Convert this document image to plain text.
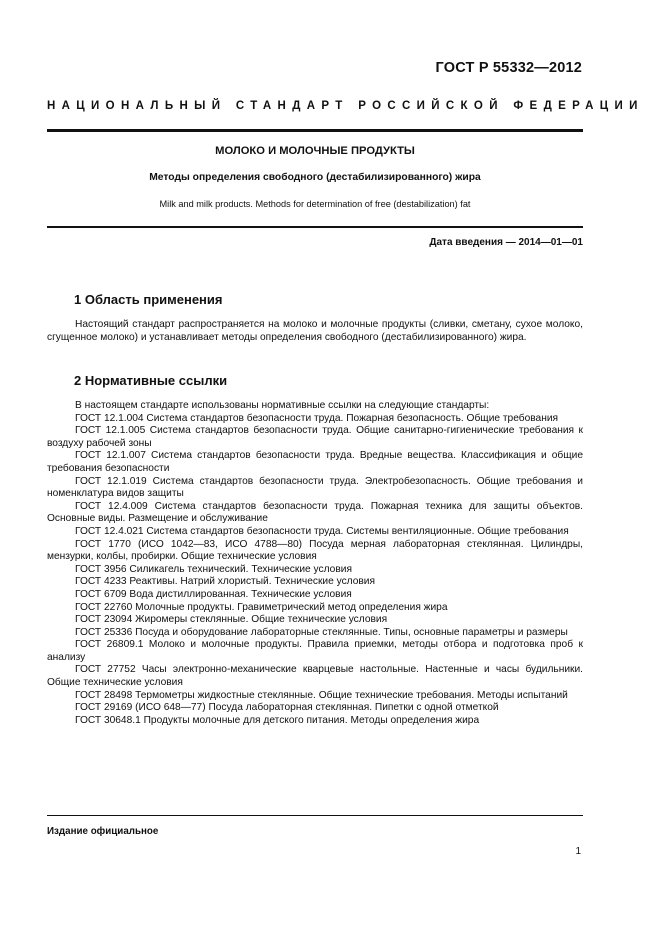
ГОСТ Р 55332—2012
НАЦИОНАЛЬНЫЙ СТАНДАРТ РОССИЙСКОЙ ФЕДЕРАЦИИ
МОЛОКО И МОЛОЧНЫЕ ПРОДУКТЫ
Методы определения свободного (дестабилизированного) жира
Milk and milk products. Methods for determination of free (destabilization) fat
Дата введения — 2014—01—01
1 Область применения

Настоящий стандарт распространяется на молоко и молочные продукты (сливки, сметану, сухое молоко, сгущенное молоко) и устанавливает методы определения свободного (дестабилизированного) жира.

2 Нормативные ссылки

В настоящем стандарте использованы нормативные ссылки на следующие стандарты:

ГОСТ 12.1.004 Система стандартов безопасности труда. Пожарная безопасность. Общие требования

ГОСТ 12.1.005 Система стандартов безопасности труда. Общие санитарно-гигиенические требования к воздуху рабочей зоны

ГОСТ 12.1.007 Система стандартов безопасности труда. Вредные вещества. Классификация и общие требования безопасности

ГОСТ 12.1.019 Система стандартов безопасности труда. Электробезопасность. Общие требования и номенклатура видов защиты

ГОСТ 12.4.009 Система стандартов безопасности труда. Пожарная техника для защиты объектов. Основные виды. Размещение и обслуживание

ГОСТ 12.4.021 Система стандартов безопасности труда. Системы вентиляционные. Общие требования

ГОСТ 1770 (ИСО 1042—83, ИСО 4788—80) Посуда мерная лабораторная стеклянная. Цилиндры, мензурки, колбы, пробирки. Общие технические условия

ГОСТ 3956 Силикагель технический. Технические условия

ГОСТ 4233 Реактивы. Натрий хлористый. Технические условия

ГОСТ 6709 Вода дистиллированная. Технические условия

ГОСТ 22760 Молочные продукты. Гравиметрический метод определения жира

ГОСТ 23094 Жиромеры стеклянные. Общие технические условия

ГОСТ 25336 Посуда и оборудование лабораторные стеклянные. Типы, основные параметры и размеры

ГОСТ 26809.1 Молоко и молочные продукты. Правила приемки, методы отбора и подготовка проб к анализу

ГОСТ 27752 Часы электронно-механические кварцевые настольные. Настенные и часы будильники. Общие технические условия

ГОСТ 28498 Термометры жидкостные стеклянные. Общие технические требования. Методы испытаний

ГОСТ 29169 (ИСО 648—77) Посуда лабораторная стеклянная. Пипетки с одной отметкой

ГОСТ 30648.1 Продукты молочные для детского питания. Методы определения жира

Издание официальное
1
